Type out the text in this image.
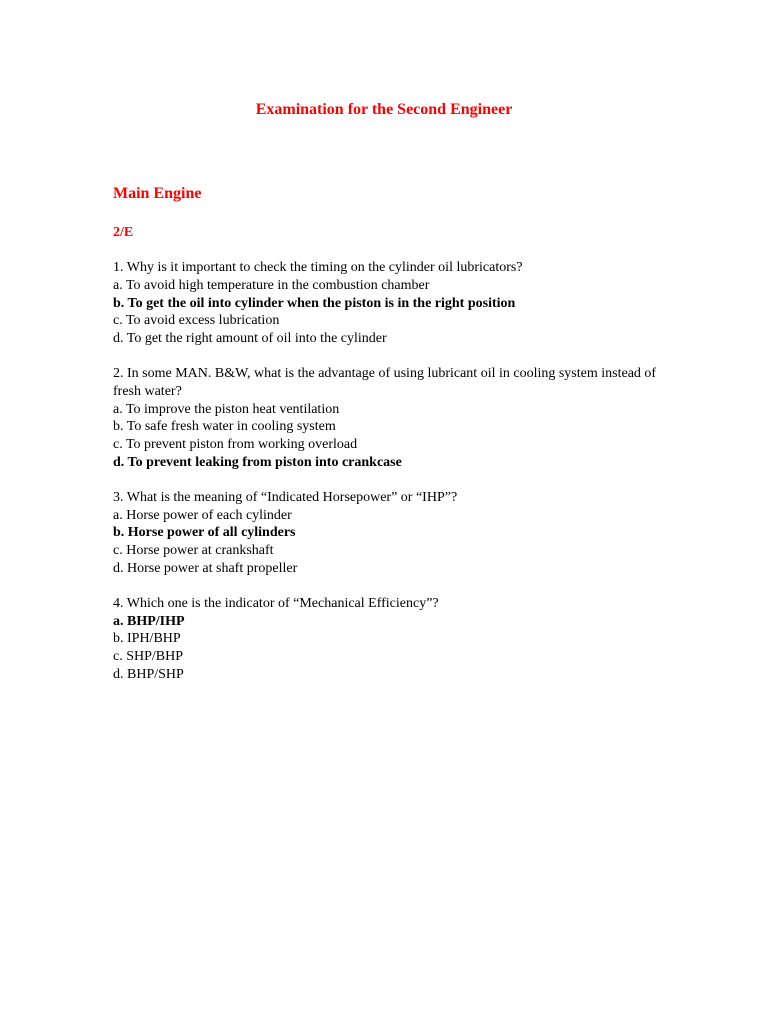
Examination for the Second Engineer
Main Engine
2/E
1. Why is it important to check the timing on the cylinder oil lubricators?
a. To avoid high temperature in the combustion chamber
b. To get the oil into cylinder when the piston is in the right position
c. To avoid excess lubrication
d. To get the right amount of oil into the cylinder
2. In some MAN. B&W, what is the advantage of using lubricant oil in cooling system instead of fresh water?
a. To improve the piston heat ventilation
b. To safe fresh water in cooling system
c. To prevent piston from working overload
d. To prevent leaking from piston into crankcase
3. What is the meaning of “Indicated Horsepower” or “IHP”?
a. Horse power of each cylinder
b. Horse power of all cylinders
c. Horse power at crankshaft
d. Horse power at shaft propeller
4. Which one is the indicator of “Mechanical Efficiency”?
a. BHP/IHP
b. IPH/BHP
c. SHP/BHP
d. BHP/SHP
